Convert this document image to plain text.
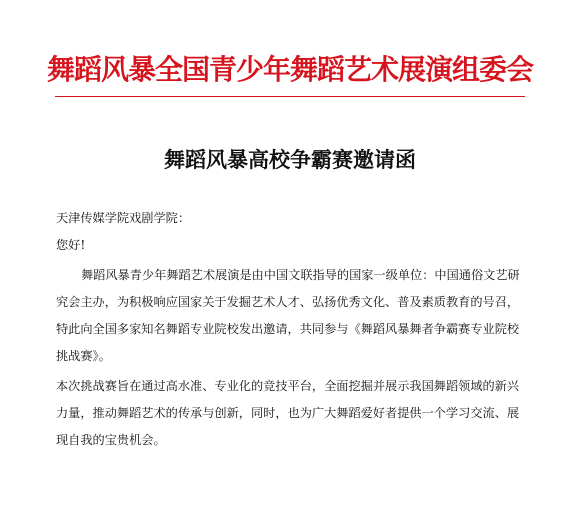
舞蹈风暴全国青少年舞蹈艺术展演组委会
舞蹈风暴高校争霸赛邀请函
天津传媒学院戏剧学院：
您好!
舞蹈风暴青少年舞蹈艺术展演是由中国文联指导的国家一级单位：中国通俗文艺研
究会主办，为积极响应国家关于发掘艺术人才、弘扬优秀文化、普及素质教育的号召，
特此向全国多家知名舞蹈专业院校发出邀请，共同参与《舞蹈风暴舞者争霸赛专业院校
挑战赛》。
本次挑战赛旨在通过高水准、专业化的竞技平台，全面挖掘并展示我国舞蹈领域的新兴
力量，推动舞蹈艺术的传承与创新，同时，也为广大舞蹈爱好者提供一个学习交流、展
现自我的宝贵机会。
